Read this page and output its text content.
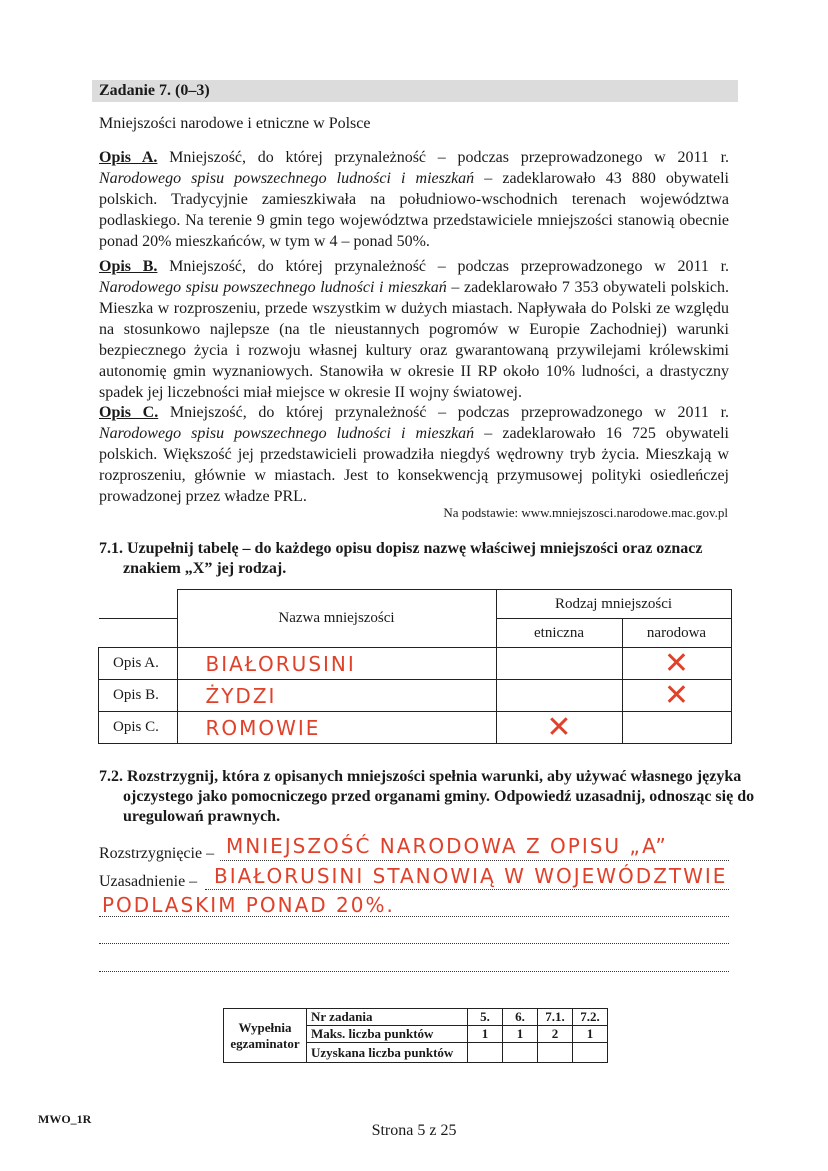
Zadanie 7. (0–3)
Mniejszości narodowe i etniczne w Polsce
Opis A. Mniejszość, do której przynależność – podczas przeprowadzonego w 2011 r. Narodowego spisu powszechnego ludności i mieszkań – zadeklarowało 43 880 obywateli polskich. Tradycyjnie zamieszkiwała na południowo-wschodnich terenach województwa podlaskiego. Na terenie 9 gmin tego województwa przedstawiciele mniejszości stanowią obecnie ponad 20% mieszkańców, w tym w 4 – ponad 50%.
Opis B. Mniejszość, do której przynależność – podczas przeprowadzonego w 2011 r. Narodowego spisu powszechnego ludności i mieszkań – zadeklarowało 7 353 obywateli polskich. Mieszka w rozproszeniu, przede wszystkim w dużych miastach. Napływała do Polski ze względu na stosunkowo najlepsze (na tle nieustannych pogromów w Europie Zachodniej) warunki bezpiecznego życia i rozwoju własnej kultury oraz gwarantowaną przywilejami królewskimi autonomię gmin wyznaniowych. Stanowiła w okresie II RP około 10% ludności, a drastyczny spadek jej liczebności miał miejsce w okresie II wojny światowej.
Opis C. Mniejszość, do której przynależność – podczas przeprowadzonego w 2011 r. Narodowego spisu powszechnego ludności i mieszkań – zadeklarowało 16 725 obywateli polskich. Większość jej przedstawicieli prowadziła niegdyś wędrowny tryb życia. Mieszkają w rozproszeniu, głównie w miastach. Jest to konsekwencją przymusowej polityki osiedleńczej prowadzonej przez władze PRL.
Na podstawie: www.mniejszosci.narodowe.mac.gov.pl
7.1. Uzupełnij tabelę – do każdego opisu dopisz nazwę właściwej mniejszości oraz oznacz znakiem „X” jej rodzaj.
	Nazwa mniejszości	Rodzaj mniejszości	
		etniczna	narodowa
Opis A.	BIAŁORUSINI		✕
Opis B.	ŻYDZI		✕
Opis C.	ROMOWIE	✕	
7.2. Rozstrzygnij, która z opisanych mniejszości spełnia warunki, aby używać własnego języka ojczystego jako pomocniczego przed organami gminy. Odpowiedź uzasadnij, odnosząc się do uregulowań prawnych.
Rozstrzygnięcie – MNIEJSZOŚĆ NARODOWA Z OPISU „A”
Uzasadnienie – BIAŁORUSINI STANOWIĄ W WOJEWÓDZTWIE
PODLASKIM PONAD 20%.
Wypełnia egzaminator	Nr zadania	5.	6.	7.1.	7.2.
	Maks. liczba punktów	1	1	2	1
	Uzyskana liczba punktów				
MWO_1R
Strona 5 z 25
